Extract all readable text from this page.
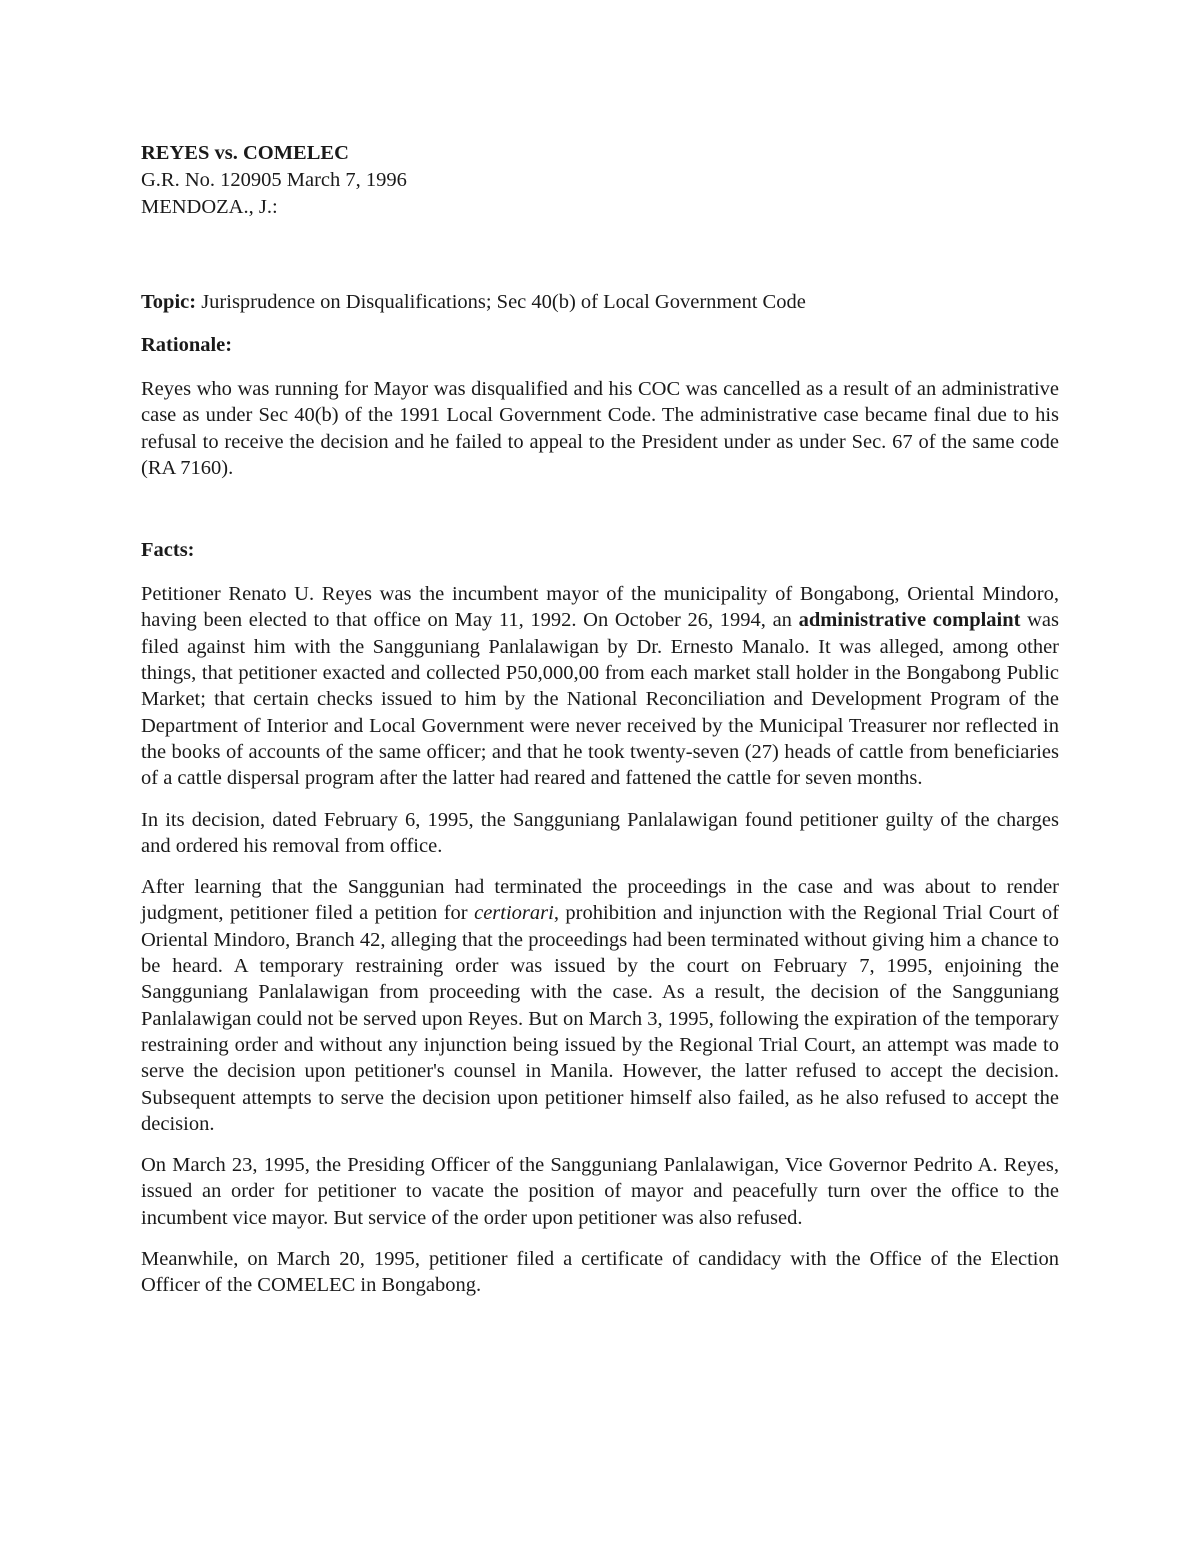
REYES vs. COMELEC

G.R. No. 120905 March 7, 1996

MENDOZA., J.:

Topic: Jurisprudence on Disqualifications; Sec 40(b) of Local Government Code

Rationale:

Reyes who was running for Mayor was disqualified and his COC was cancelled as a result of an administrative case as under Sec 40(b) of the 1991 Local Government Code. The administrative case became final due to his refusal to receive the decision and he failed to appeal to the President under as under Sec. 67 of the same code (RA 7160).

Facts:

Petitioner Renato U. Reyes was the incumbent mayor of the municipality of Bongabong, Oriental Mindoro, having been elected to that office on May 11, 1992. On October 26, 1994, an administrative complaint was filed against him with the Sangguniang Panlalawigan by Dr. Ernesto Manalo. It was alleged, among other things, that petitioner exacted and collected P50,000,00 from each market stall holder in the Bongabong Public Market; that certain checks issued to him by the National Reconciliation and Development Program of the Department of Interior and Local Government were never received by the Municipal Treasurer nor reflected in the books of accounts of the same officer; and that he took twenty-seven (27) heads of cattle from beneficiaries of a cattle dispersal program after the latter had reared and fattened the cattle for seven months.

In its decision, dated February 6, 1995, the Sangguniang Panlalawigan found petitioner guilty of the charges and ordered his removal from office.

After learning that the Sanggunian had terminated the proceedings in the case and was about to render judgment, petitioner filed a petition for certiorari, prohibition and injunction with the Regional Trial Court of Oriental Mindoro, Branch 42, alleging that the proceedings had been terminated without giving him a chance to be heard. A temporary restraining order was issued by the court on February 7, 1995, enjoining the Sangguniang Panlalawigan from proceeding with the case. As a result, the decision of the Sangguniang Panlalawigan could not be served upon Reyes. But on March 3, 1995, following the expiration of the temporary restraining order and without any injunction being issued by the Regional Trial Court, an attempt was made to serve the decision upon petitioner's counsel in Manila. However, the latter refused to accept the decision. Subsequent attempts to serve the decision upon petitioner himself also failed, as he also refused to accept the decision.

On March 23, 1995, the Presiding Officer of the Sangguniang Panlalawigan, Vice Governor Pedrito A. Reyes, issued an order for petitioner to vacate the position of mayor and peacefully turn over the office to the incumbent vice mayor. But service of the order upon petitioner was also refused.

Meanwhile, on March 20, 1995, petitioner filed a certificate of candidacy with the Office of the Election Officer of the COMELEC in Bongabong.
